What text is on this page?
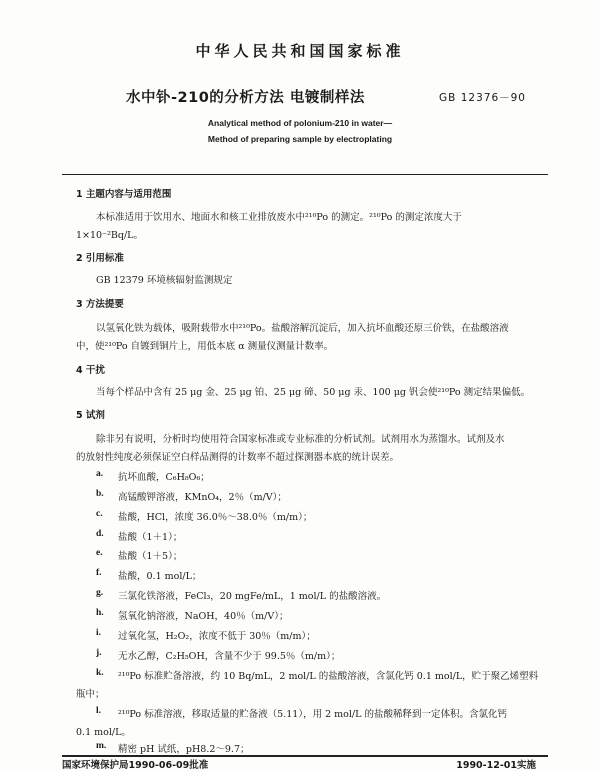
中华人民共和国国家标准
水中钋-210的分析方法 电镀制样法	GB 12376－90
Analytical method of polonium-210 in water—
Method of preparing sample by electroplating
1 主题内容与适用范围
本标准适用于饮用水、地面水和核工业排放废水中²¹⁰Po 的测定。²¹⁰Po 的测定浓度大于
1×10⁻²Bq/L。
2 引用标准
GB 12379 环境核辐射监测规定
3 方法提要
以氢氧化铁为载体，吸附载带水中²¹⁰Po。盐酸溶解沉淀后，加入抗坏血酸还原三价铁，在盐酸溶液
中，使²¹⁰Po 自镀到铜片上，用低本底 α 测量仪测量计数率。
4 干扰
当每个样品中含有 25 μg 金、25 μg 铂、25 μg 碲、50 μg 汞、100 μg 钒会使²¹⁰Po 测定结果偏低。
5 试剂
除非另有说明，分析时均使用符合国家标准或专业标准的分析试剂。试剂用水为蒸馏水。试剂及水
的放射性纯度必须保证空白样品测得的计数率不超过探测器本底的统计误差。
a. 抗坏血酸，C₆H₈O₆；
b. 高锰酸钾溶液，KMnO₄，2％（m/V）；
c. 盐酸，HCl，浓度 36.0％～38.0％（m/m）；
d. 盐酸（1＋1）；
e. 盐酸（1＋5）；
f. 盐酸，0.1 mol/L；
g. 三氯化铁溶液，FeCl₃，20 mgFe/mL，1 mol/L 的盐酸溶液。
h. 氢氧化钠溶液，NaOH，40％（m/V）；
i. 过氧化氢，H₂O₂，浓度不低于 30％（m/m）；
j. 无水乙醇，C₂H₅OH，含量不少于 99.5％（m/m）；
k. ²¹⁰Po 标准贮备溶液，约 10 Bq/mL，2 mol/L 的盐酸溶液，含氯化钙 0.1 mol/L，贮于聚乙烯塑料
瓶中；
l. ²¹⁰Po 标准溶液，移取适量的贮备液（5.11），用 2 mol/L 的盐酸稀释到一定体积。含氯化钙
0.1 mol/L。
m. 精密 pH 试纸，pH8.2～9.7；
国家环境保护局1990-06-09批准	1990-12-01实施
